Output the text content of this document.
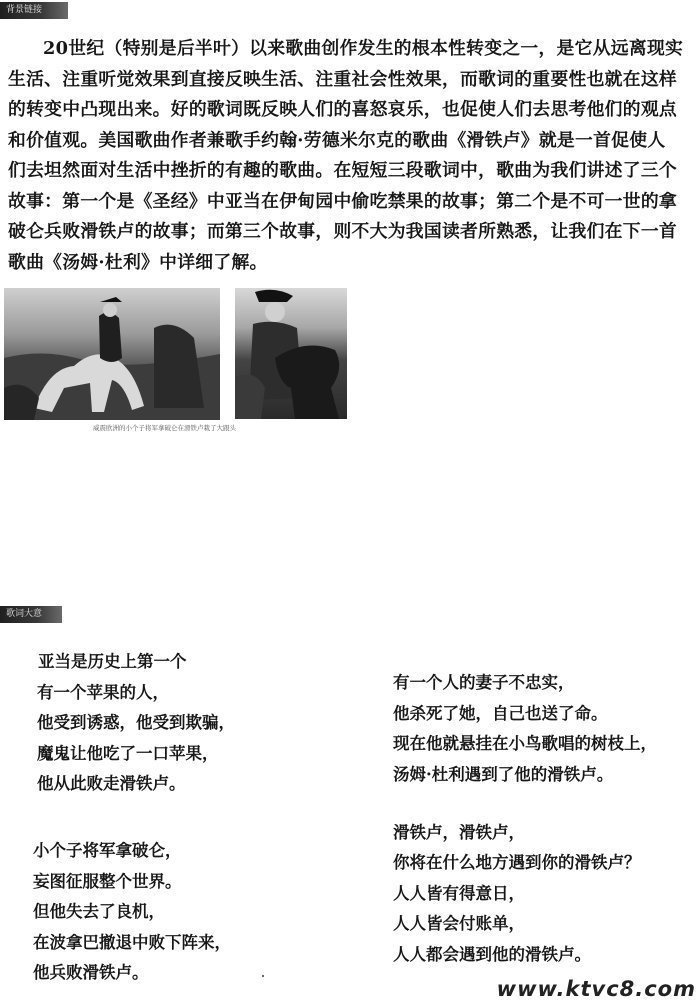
背景链接
20世纪（特别是后半叶）以来歌曲创作发生的根本性转变之一，是它从远离现实
生活、注重听觉效果到直接反映生活、注重社会性效果，而歌词的重要性也就在这样
的转变中凸现出来。好的歌词既反映人们的喜怒哀乐，也促使人们去思考他们的观点
和价值观。美国歌曲作者兼歌手约翰·劳德米尔克的歌曲《滑铁卢》就是一首促使人
们去坦然面对生活中挫折的有趣的歌曲。在短短三段歌词中，歌曲为我们讲述了三个
故事：第一个是《圣经》中亚当在伊甸园中偷吃禁果的故事；第二个是不可一世的拿
破仑兵败滑铁卢的故事；而第三个故事，则不大为我国读者所熟悉，让我们在下一首
歌曲《汤姆·杜利》中详细了解。
威震欧洲的小个子将军拿破仑在滑铁卢栽了大跟头
歌词大意
亚当是历史上第一个
有一个苹果的人，
他受到诱惑，他受到欺骗，
魔鬼让他吃了一口苹果，
他从此败走滑铁卢。
小个子将军拿破仑，
妄图征服整个世界。
但他失去了良机，
在波拿巴撤退中败下阵来，
他兵败滑铁卢。
有一个人的妻子不忠实，
他杀死了她，自己也送了命。
现在他就悬挂在小鸟歌唱的树枝上，
汤姆·杜利遇到了他的滑铁卢。
滑铁卢，滑铁卢，
你将在什么地方遇到你的滑铁卢？
人人皆有得意日，
人人皆会付账单，
人人都会遇到他的滑铁卢。
www.ktvc8.com
